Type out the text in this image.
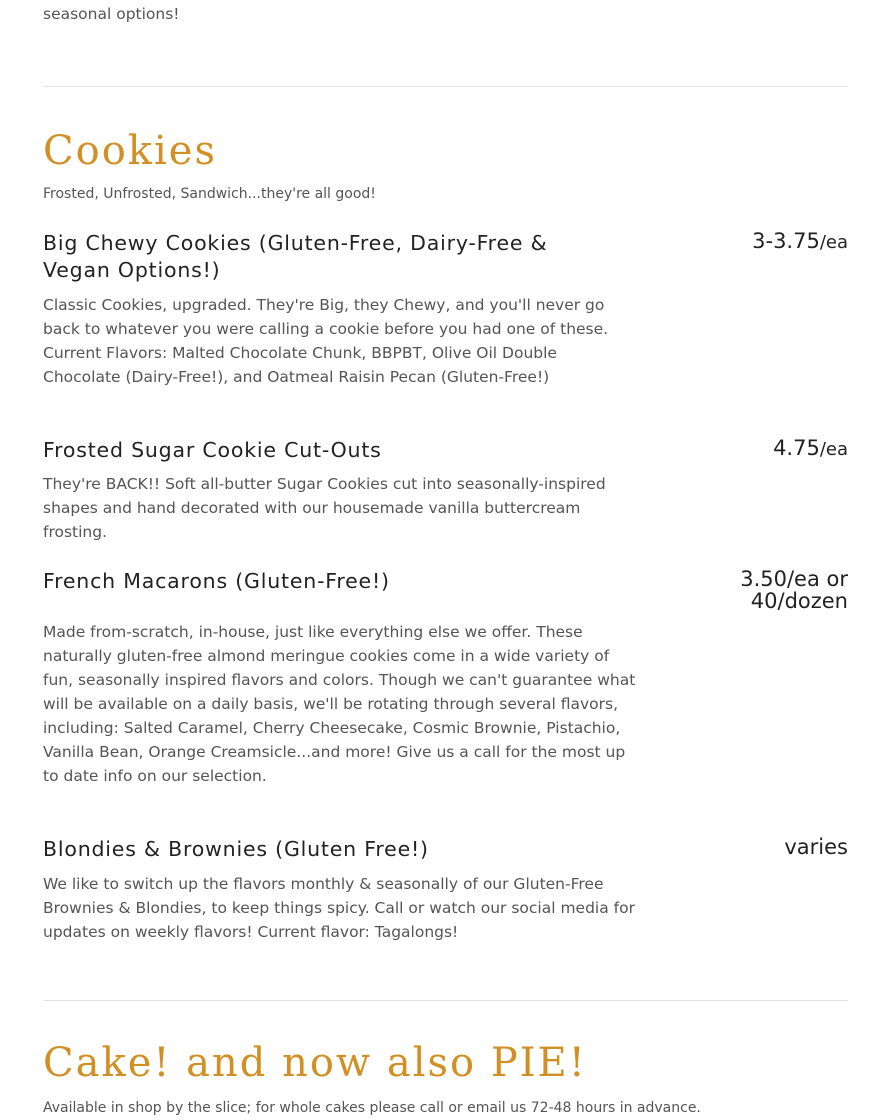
seasonal options!

Cookies
Frosted, Unfrosted, Sandwich...they're all good!
Big Chewy Cookies (Gluten-Free, Dairy-Free & Vegan Options!)
3-3.75/ea

Classic Cookies, upgraded. They're Big, they Chewy, and you'll never go back to whatever you were calling a cookie before you had one of these. Current Flavors: Malted Chocolate Chunk, BBPBT, Olive Oil Double Chocolate (Dairy-Free!), and Oatmeal Raisin Pecan (Gluten-Free!)

Frosted Sugar Cookie Cut-Outs	4.75/ea

They're BACK!! Soft all-butter Sugar Cookies cut into seasonally-inspired shapes and hand decorated with our housemade vanilla buttercream frosting.

French Macarons (Gluten-Free!)	3.50/ea or
40/dozen

Made from-scratch, in-house, just like everything else we offer. These naturally gluten-free almond meringue cookies come in a wide variety of fun, seasonally inspired flavors and colors. Though we can't guarantee what will be available on a daily basis, we'll be rotating through several flavors, including: Salted Caramel, Cherry Cheesecake, Cosmic Brownie, Pistachio, Vanilla Bean, Orange Creamsicle...and more! Give us a call for the most up to date info on our selection.

Blondies & Brownies (Gluten Free!)	varies

We like to switch up the flavors monthly & seasonally of our Gluten-Free Brownies & Blondies, to keep things spicy. Call or watch our social media for updates on weekly flavors! Current flavor: Tagalongs!

Cake! and now also PIE!
Available in shop by the slice; for whole cakes please call or email us 72-48 hours in advance.
